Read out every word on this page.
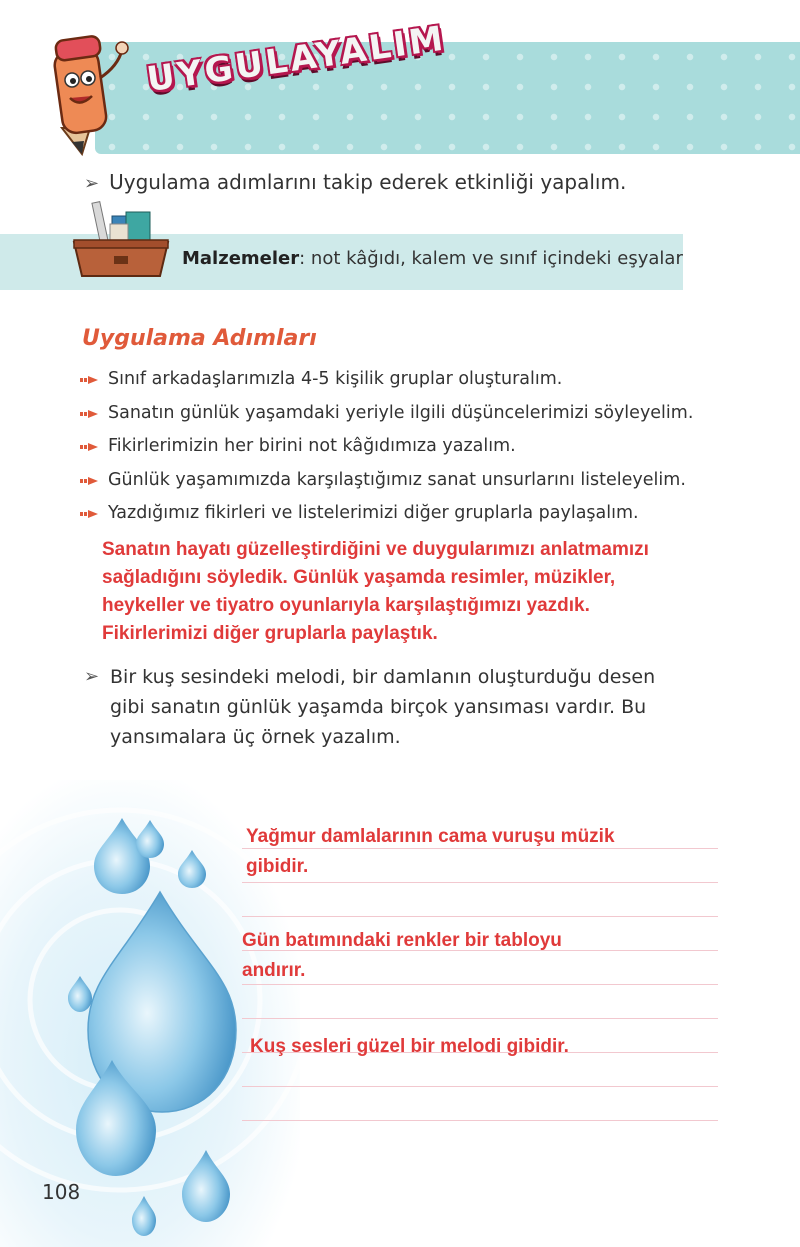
UYGULAYALIM
➢ Uygulama adımlarını takip ederek etkinliği yapalım.
Malzemeler: not kâğıdı, kalem ve sınıf içindeki eşyalar
Uygulama Adımları
Sınıf arkadaşlarımızla 4-5 kişilik gruplar oluşturalım.
Sanatın günlük yaşamdaki yeriyle ilgili düşüncelerimizi söyleyelim.
Fikirlerimizin her birini not kâğıdımıza yazalım.
Günlük yaşamımızda karşılaştığımız sanat unsurlarını listeleyelim.
Yazdığımız fikirleri ve listelerimizi diğer gruplarla paylaşalım.
Sanatın hayatı güzelleştirdiğini ve duygularımızı anlatmamızı
sağladığını söyledik. Günlük yaşamda resimler, müzikler,
heykeller ve tiyatro oyunlarıyla karşılaştığımızı yazdık.
Fikirlerimizi diğer gruplarla paylaştık.
➢ Bir kuş sesindeki melodi, bir damlanın oluşturduğu desen
gibi sanatın günlük yaşamda birçok yansıması vardır. Bu
yansımalara üç örnek yazalım.
Yağmur damlalarının cama vuruşu müzik
gibidir.
Gün batımındaki renkler bir tabloyu
andırır.
Kuş sesleri güzel bir melodi gibidir.
108
